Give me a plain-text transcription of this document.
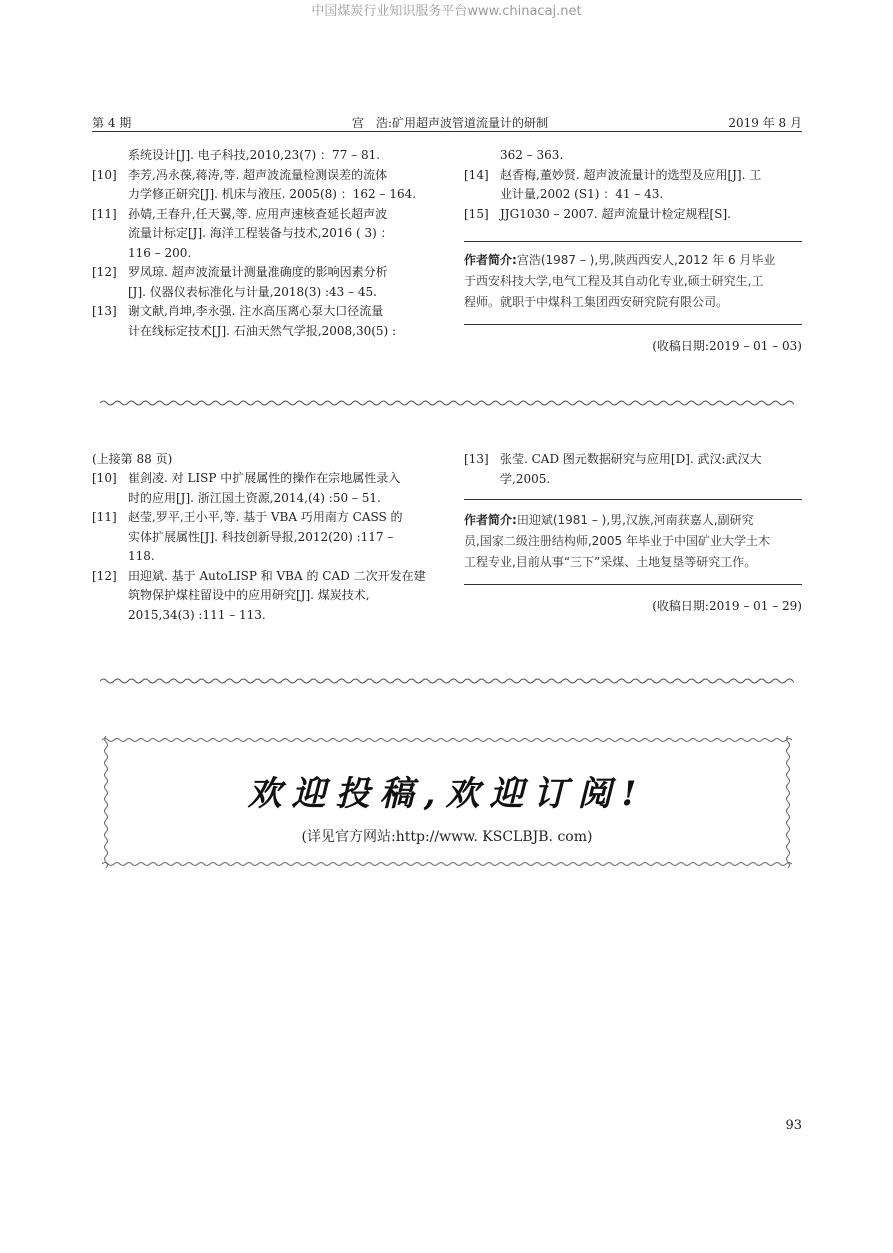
中国煤炭行业知识服务平台www.chinacaj.net
第 4 期	宫　浩:矿用超声波管道流量计的研制	2019 年 8 月
系统设计[J]. 电子科技,2010,23(7) ：77 – 81.
[10] 李芳,冯永葆,蒋涛,等. 超声波流量检测误差的流体
力学修正研究[J]. 机床与液压. 2005(8) ：162 – 164.
[11] 孙婧,王春升,任天翼,等. 应用声速核查延长超声波
流量计标定[J]. 海洋工程装备与技术,2016 ( 3) ：
116 – 200.
[12] 罗凤琼. 超声波流量计测量准确度的影响因素分析
[J]. 仪器仪表标准化与计量,2018(3) :43 – 45.
[13] 谢文献,肖坤,李永强. 注水高压离心泵大口径流量
计在线标定技术[J]. 石油天然气学报,2008,30(5) :
362 – 363.
[14] 赵香梅,董妙贤. 超声波流量计的选型及应用[J]. 工
业计量,2002 (S1) ：41 – 43.
[15] JJG1030 – 2007. 超声流量计检定规程[S].
作者简介:宫浩(1987 – ),男,陕西西安人,2012 年 6 月毕业
于西安科技大学,电气工程及其自动化专业,硕士研究生,工
程师。就职于中煤科工集团西安研究院有限公司。
(收稿日期:2019 – 01 – 03)
(上接第 88 页)
[10] 崔剑凌. 对 LISP 中扩展属性的操作在宗地属性录入
时的应用[J]. 浙江国土资源,2014,(4) :50 – 51.
[11] 赵莹,罗平,王小平,等. 基于 VBA 巧用南方 CASS 的
实体扩展属性[J]. 科技创新导报,2012(20) :117 –
118.
[12] 田迎斌. 基于 AutoLISP 和 VBA 的 CAD 二次开发在建
筑物保护煤柱留设中的应用研究[J]. 煤炭技术,
2015,34(3) :111 – 113.
[13] 张莹. CAD 图元数据研究与应用[D]. 武汉:武汉大
学,2005.
作者简介:田迎斌(1981 – ),男,汉族,河南获嘉人,副研究
员,国家二级注册结构师,2005 年毕业于中国矿业大学土木
工程专业,目前从事“三下”采煤、土地复垦等研究工作。
(收稿日期:2019 – 01 – 29)
欢迎投稿,欢迎订阅!
(详见官方网站:http://www. KSCLBJB. com)
93
